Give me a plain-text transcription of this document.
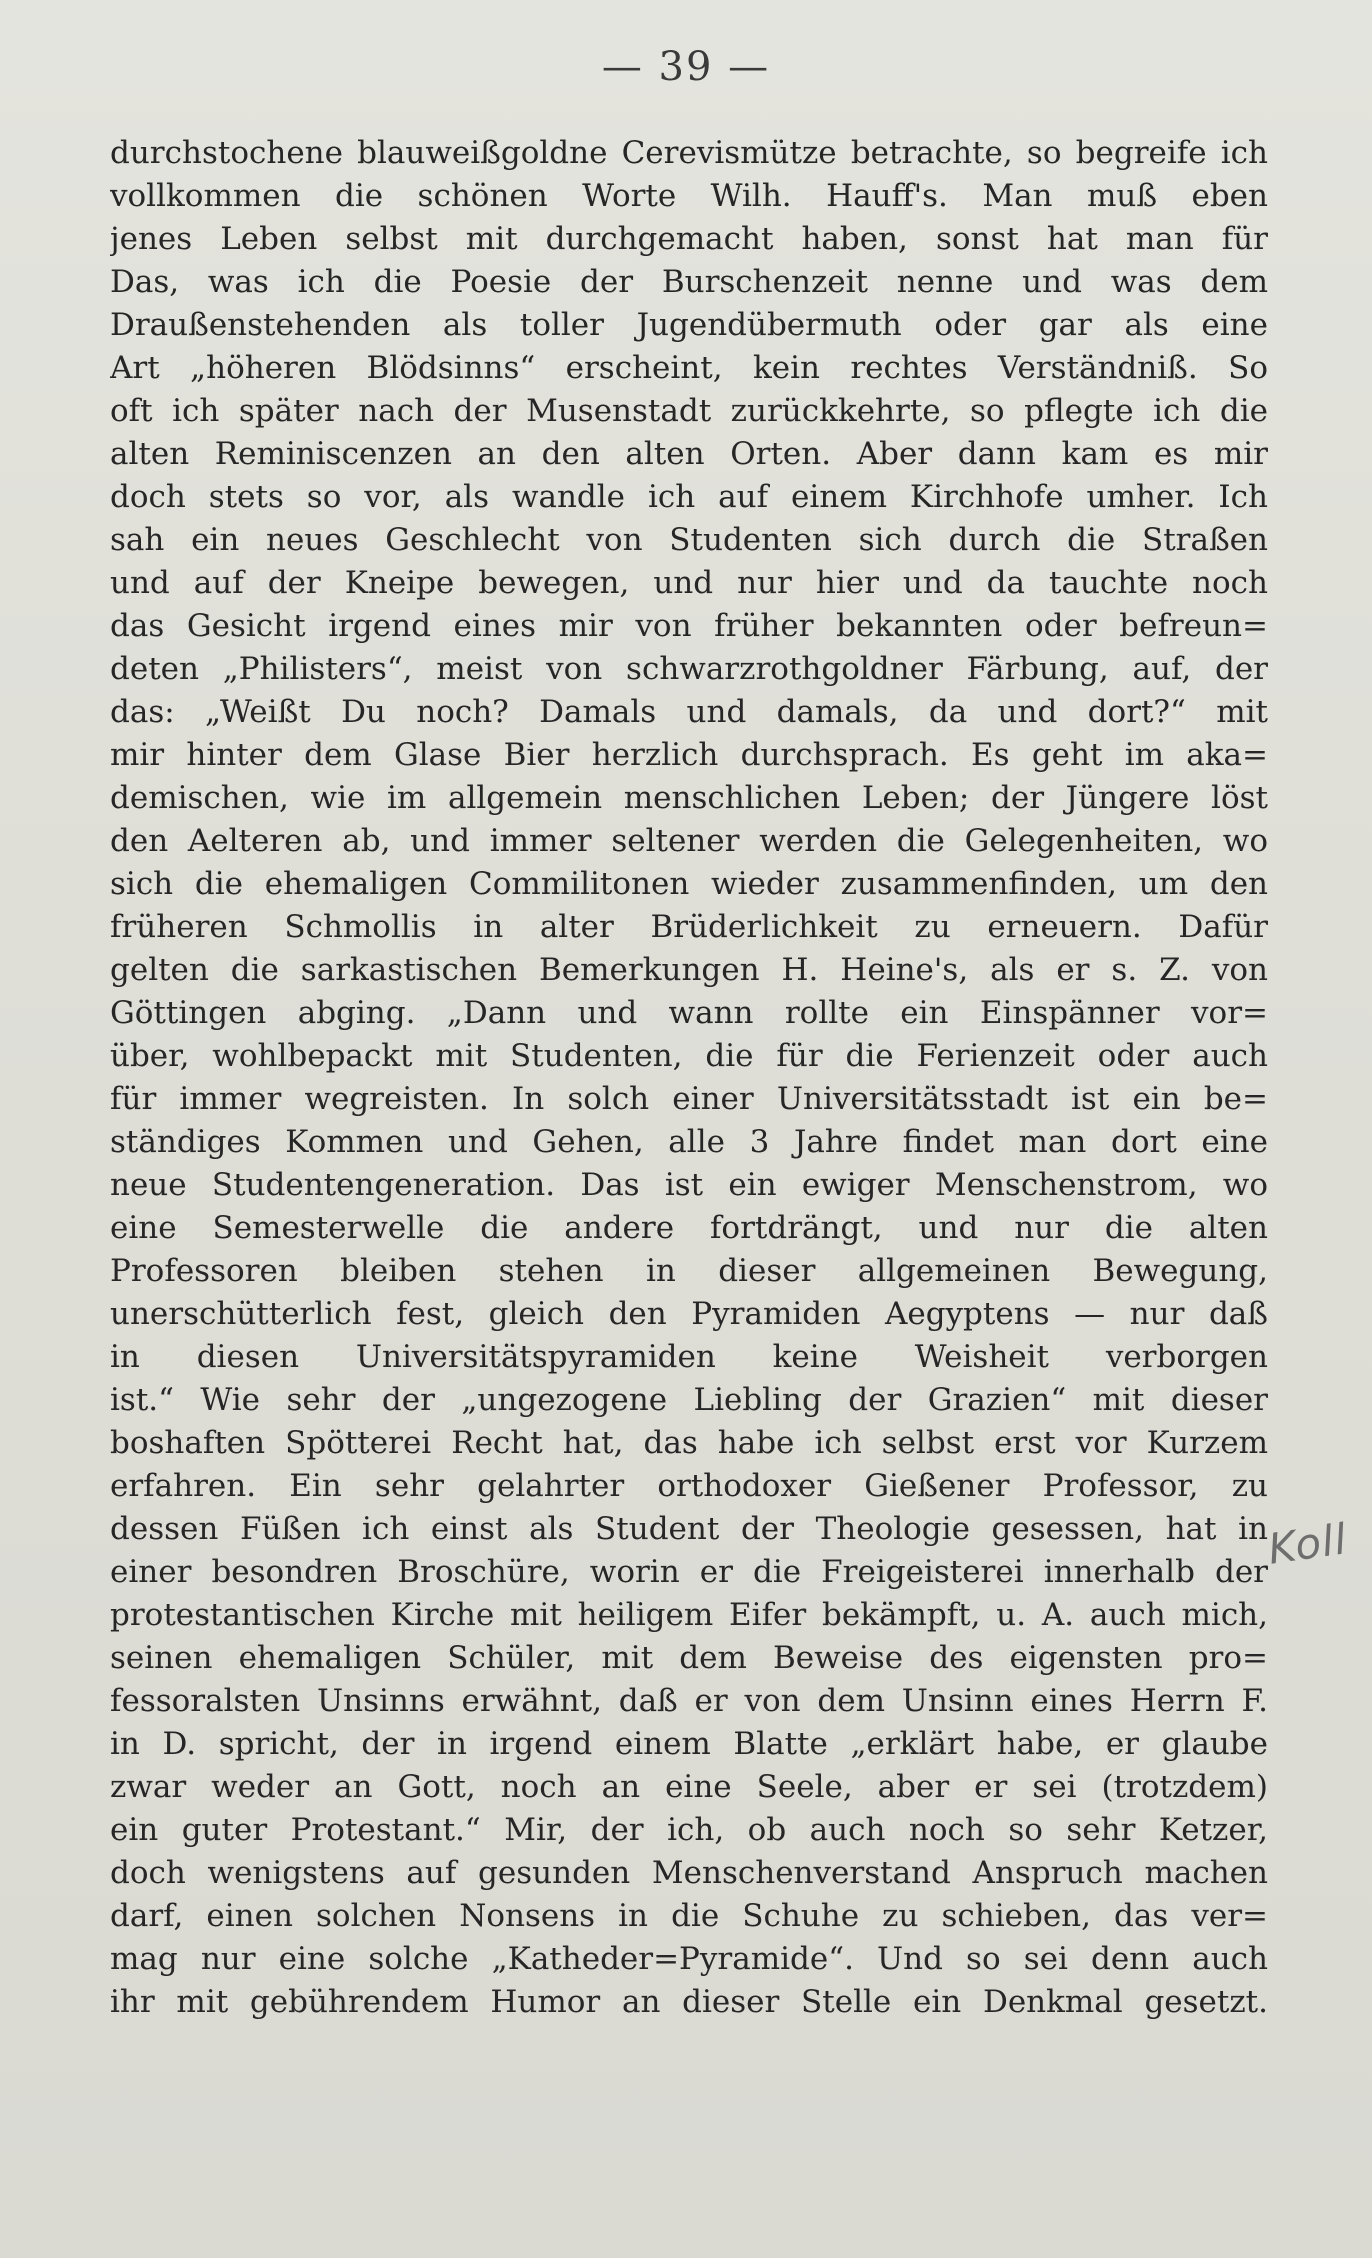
— 39 —
durchstochene blauweißgoldne Cerevismütze betrachte, so begreife ich
vollkommen die schönen Worte Wilh. Hauff's. Man muß eben
jenes Leben selbst mit durchgemacht haben, sonst hat man für
Das, was ich die Poesie der Burschenzeit nenne und was dem
Draußenstehenden als toller Jugendübermuth oder gar als eine
Art „höheren Blödsinns“ erscheint, kein rechtes Verständniß. So
oft ich später nach der Musenstadt zurückkehrte, so pflegte ich die
alten Reminiscenzen an den alten Orten. Aber dann kam es mir
doch stets so vor, als wandle ich auf einem Kirchhofe umher. Ich
sah ein neues Geschlecht von Studenten sich durch die Straßen
und auf der Kneipe bewegen, und nur hier und da tauchte noch
das Gesicht irgend eines mir von früher bekannten oder befreun=
deten „Philisters“, meist von schwarzrothgoldner Färbung, auf, der
das: „Weißt Du noch? Damals und damals, da und dort?“ mit
mir hinter dem Glase Bier herzlich durchsprach. Es geht im aka=
demischen, wie im allgemein menschlichen Leben; der Jüngere löst
den Aelteren ab, und immer seltener werden die Gelegenheiten, wo
sich die ehemaligen Commilitonen wieder zusammenfinden, um den
früheren Schmollis in alter Brüderlichkeit zu erneuern. Dafür
gelten die sarkastischen Bemerkungen H. Heine's, als er s. Z. von
Göttingen abging. „Dann und wann rollte ein Einspänner vor=
über, wohlbepackt mit Studenten, die für die Ferienzeit oder auch
für immer wegreisten. In solch einer Universitätsstadt ist ein be=
ständiges Kommen und Gehen, alle 3 Jahre findet man dort eine
neue Studentengeneration. Das ist ein ewiger Menschenstrom, wo
eine Semesterwelle die andere fortdrängt, und nur die alten
Professoren bleiben stehen in dieser allgemeinen Bewegung,
unerschütterlich fest, gleich den Pyramiden Aegyptens — nur daß
in diesen Universitätspyramiden keine Weisheit verborgen
ist.“ Wie sehr der „ungezogene Liebling der Grazien“ mit dieser
boshaften Spötterei Recht hat, das habe ich selbst erst vor Kurzem
erfahren. Ein sehr gelahrter orthodoxer Gießener Professor, zu
dessen Füßen ich einst als Student der Theologie gesessen, hat in
einer besondren Broschüre, worin er die Freigeisterei innerhalb der
protestantischen Kirche mit heiligem Eifer bekämpft, u. A. auch mich,
seinen ehemaligen Schüler, mit dem Beweise des eigensten pro=
fessoralsten Unsinns erwähnt, daß er von dem Unsinn eines Herrn F.
in D. spricht, der in irgend einem Blatte „erklärt habe, er glaube
zwar weder an Gott, noch an eine Seele, aber er sei (trotzdem)
ein guter Protestant.“ Mir, der ich, ob auch noch so sehr Ketzer,
doch wenigstens auf gesunden Menschenverstand Anspruch machen
darf, einen solchen Nonsens in die Schuhe zu schieben, das ver=
mag nur eine solche „Katheder=Pyramide“. Und so sei denn auch
ihr mit gebührendem Humor an dieser Stelle ein Denkmal gesetzt.
Koll
